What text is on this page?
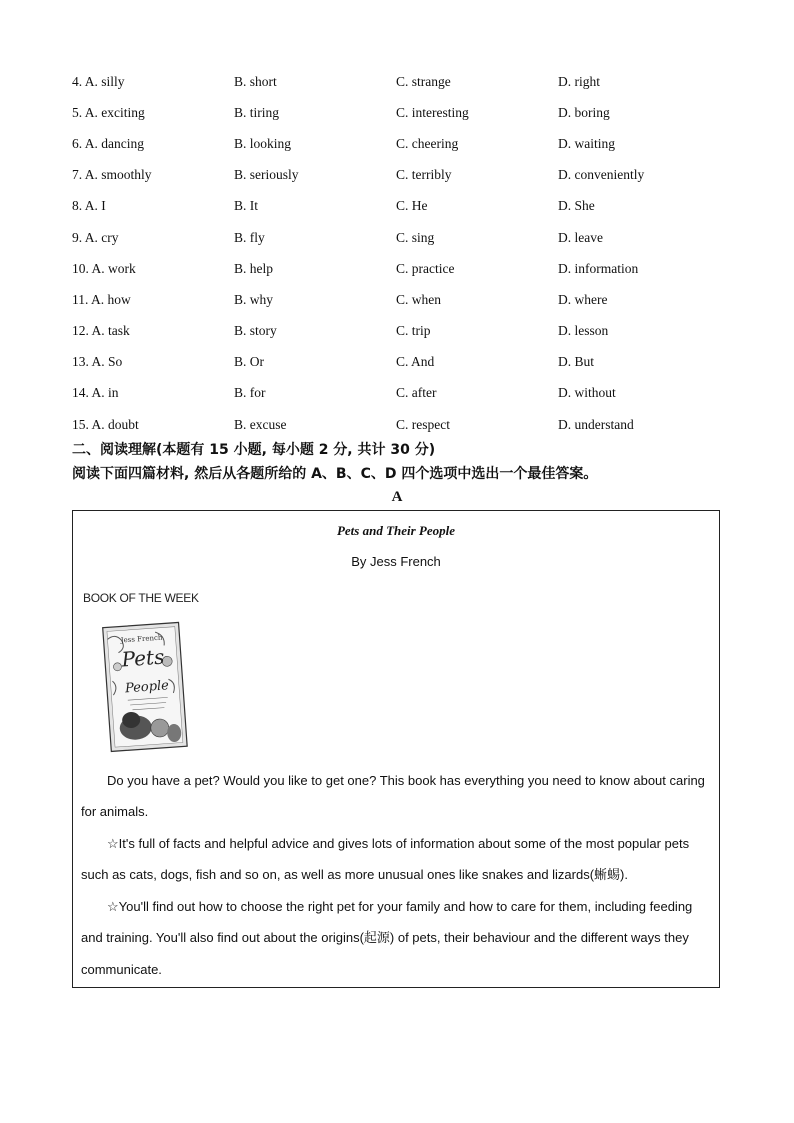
4. A. silly	B. short	C. strange	D. right
5. A. exciting	B. tiring	C. interesting	D. boring
6. A. dancing	B. looking	C. cheering	D. waiting
7. A. smoothly	B. seriously	C. terribly	D. conveniently
8. A. I	B. It	C. He	D. She
9. A. cry	B. fly	C. sing	D. leave
10. A. work	B. help	C. practice	D. information
11. A. how	B. why	C. when	D. where
12. A. task	B. story	C. trip	D. lesson
13. A. So	B. Or	C. And	D. But
14. A. in	B. for	C. after	D. without
15. A. doubt	B. excuse	C. respect	D. understand
二、阅读理解(本题有 15 小题, 每小题 2 分, 共计 30 分)
阅读下面四篇材料, 然后从各题所给的 A、B、C、D 四个选项中选出一个最佳答案。
A
Pets and Their People
By Jess French
BOOK OF THE WEEK
Jess French
Pets
People
Do you have a pet? Would you like to get one? This book has everything you need to know about caring for animals.
☆It's full of facts and helpful advice and gives lots of information about some of the most popular pets such as cats, dogs, fish and so on, as well as more unusual ones like snakes and lizards(蜥蜴).
☆You'll find out how to choose the right pet for your family and how to care for them, including feeding and training. You'll also find out about the origins(起源) of pets, their behaviour and the different ways they communicate.
